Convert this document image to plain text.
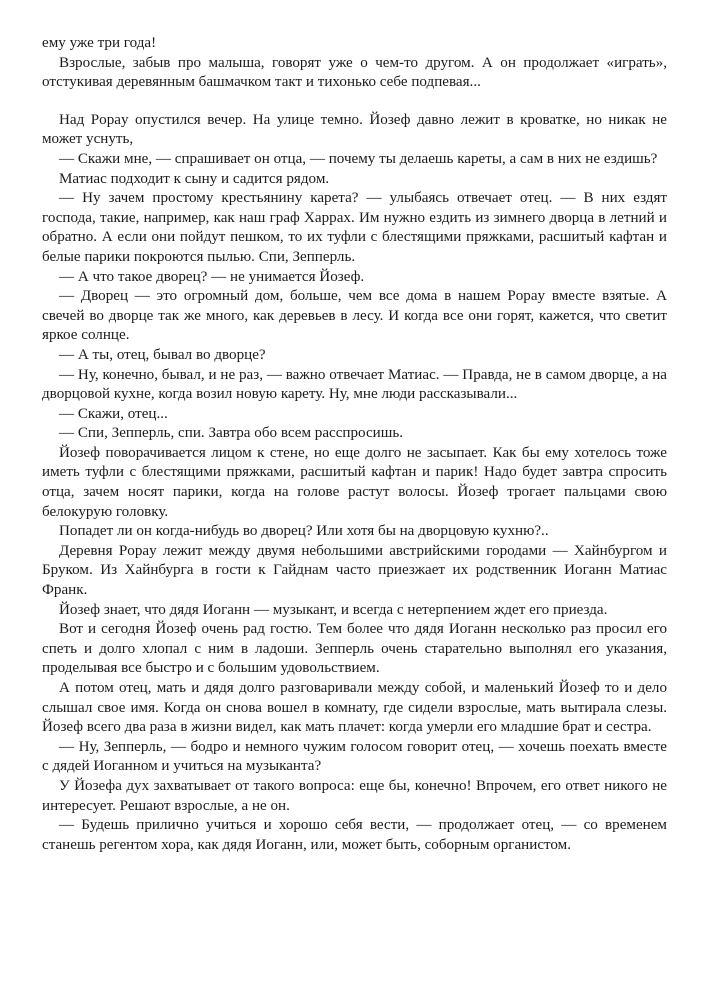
ему уже три года!

Взрослые, забыв про малыша, говорят уже о чем-то другом. А он продолжает «играть», отстукивая деревянным башмачком такт и тихонько себе подпевая...

Над Popay опустился вечер. На улице темно. Йозеф давно лежит в кроватке, но никак не может уснуть,

— Скажи мне, — спрашивает он отца, — почему ты делаешь кареты, а сам в них не ездишь?

Матиас подходит к сыну и садится рядом.

— Ну зачем простому крестьянину карета? — улыбаясь отвечает отец. — В них ездят господа, такие, например, как наш граф Харрах. Им нужно ездить из зимнего дворца в летний и обратно. А если они пойдут пешком, то их туфли с блестящими пряжками, расшитый кафтан и белые парики покроются пылью. Спи, Зепперль.

— А что такое дворец? — не унимается Йозеф.

— Дворец — это огромный дом, больше, чем все дома в нашем Popay вместе взятые. А свечей во дворце так же много, как деревьев в лесу. И когда все они горят, кажется, что светит яркое солнце.

— А ты, отец, бывал во дворце?

— Ну, конечно, бывал, и не раз, — важно отвечает Матиас. — Правда, не в самом дворце, а на дворцовой кухне, когда возил новую карету. Ну, мне люди рассказывали...

— Скажи, отец...

— Спи, Зепперль, спи. Завтра обо всем расспросишь.

Йозеф поворачивается лицом к стене, но еще долго не засыпает. Как бы ему хотелось тоже иметь туфли с блестящими пряжками, расшитый кафтан и парик! Надо будет завтра спросить отца, зачем носят парики, когда на голове растут волосы. Йозеф трогает пальцами свою белокурую головку.

Попадет ли он когда-нибудь во дворец? Или хотя бы на дворцовую кухню?..

Деревня Popay лежит между двумя небольшими австрийскими городами — Хайнбургом и Бруком. Из Хайнбурга в гости к Гайднам часто приезжает их родственник Иоганн Матиас Франк.

Йозеф знает, что дядя Иоганн — музыкант, и всегда с нетерпением ждет его приезда.

Вот и сегодня Йозеф очень рад гостю. Тем более что дядя Иоганн несколько раз просил его спеть и долго хлопал с ним в ладоши. Зепперль очень старательно выполнял его указания, проделывая все быстро и с большим удовольствием.

А потом отец, мать и дядя долго разговаривали между собой, и маленький Йозеф то и дело слышал свое имя. Когда он снова вошел в комнату, где сидели взрослые, мать вытирала слезы. Йозеф всего два раза в жизни видел, как мать плачет: когда умерли его младшие брат и сестра.

— Ну, Зепперль, — бодро и немного чужим голосом говорит отец, — хочешь поехать вместе с дядей Иоганном и учиться на музыканта?

У Йозефа дух захватывает от такого вопроса: еще бы, конечно! Впрочем, его ответ никого не интересует. Решают взрослые, а не он.

— Будешь прилично учиться и хорошо себя вести, — продолжает отец, — со временем станешь регентом хора, как дядя Иоганн, или, может быть, соборным органистом.
